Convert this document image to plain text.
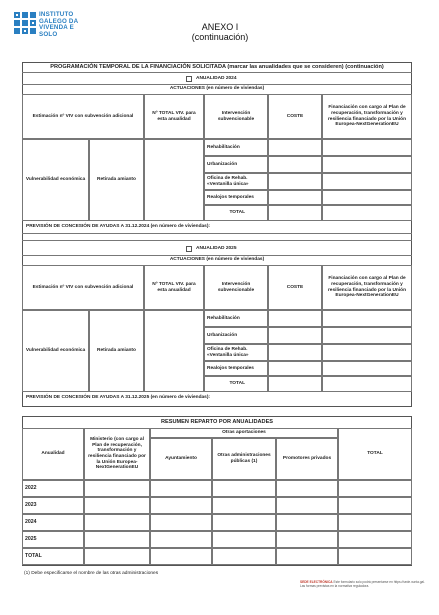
INSTITUTO
GALEGO DA
VIVENDA E SOLO
ANEXO I
(continuación)
PROGRAMACIÓN TEMPORAL DE LA FINANCIACIÓN SOLICITADA (marcar las anualidades que se consideren) (continuación)
ANUALIDAD 2024
ACTUACIONES (en número de viviendas)
Estimación nº VIV con subvención adicional
Nº TOTAL VIV. para esta anualidad
Intervención subvencionable
COSTE
Financiación con cargo al Plan de recuperación, transformación y resiliencia financiado por la Unión Europea-NextGenerationEU
Vulnerabilidad económica	Retirada amianto
Rehabilitación
Urbanización
Oficina de Rehab. «Ventanilla única»
Realojos temporales
TOTAL
PREVISIÓN DE CONCESIÓN DE AYUDAS A 31.12.2024 (en número de viviendas):
ANUALIDAD 2025
ACTUACIONES (en número de viviendas)
Estimación nº VIV con subvención adicional
Nº TOTAL VIV. para esta anualidad
Intervención subvencionable
COSTE
Financiación con cargo al Plan de recuperación, transformación y resiliencia financiado por la Unión Europea-NextGenerationEU
Vulnerabilidad económica	Retirada amianto
Rehabilitación
Urbanización
Oficina de Rehab. «Ventanilla única»
Realojos temporales
TOTAL
PREVISIÓN DE CONCESIÓN DE AYUDAS A 31.12.2025 (en número de viviendas):
RESUMEN REPARTO POR ANUALIDADES
Anualidad
Ministerio (con cargo al Plan de recuperación, transformación y resiliencia financiado por la Unión Europea-NextGenerationEU
Otras aportaciones
Ayuntamiento
Otras administraciones públicas (1)
Promotores privados
TOTAL
2022
2023
2024
2025
TOTAL
(1) Debe especificarse el nombre de las otras administraciones
SEDE ELECTRÓNICA Este formulario solo podrá presentarse en https://sede.xunta.gal. Las formas previstas en la normativa reguladora.
